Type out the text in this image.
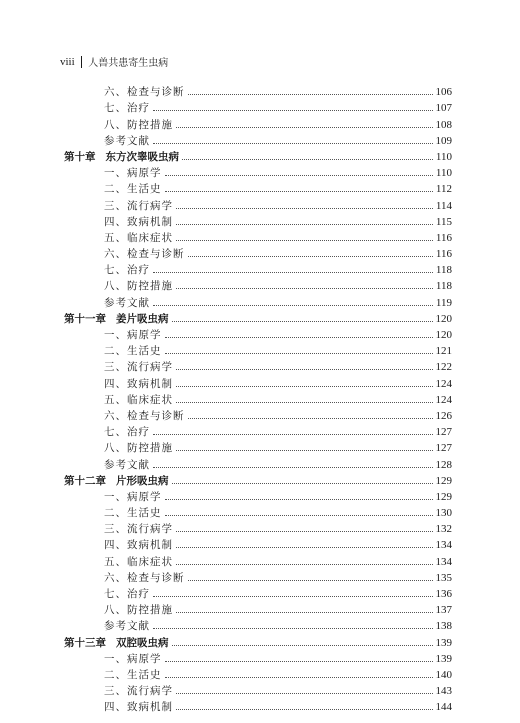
viii 人兽共患寄生虫病
六、检查与诊断	106
七、治疗	107
八、防控措施	108
参考文献	109
第十章 东方次睾吸虫病	110
一、病原学	110
二、生活史	112
三、流行病学	114
四、致病机制	115
五、临床症状	116
六、检查与诊断	116
七、治疗	118
八、防控措施	118
参考文献	119
第十一章 姜片吸虫病	120
一、病原学	120
二、生活史	121
三、流行病学	122
四、致病机制	124
五、临床症状	124
六、检查与诊断	126
七、治疗	127
八、防控措施	127
参考文献	128
第十二章 片形吸虫病	129
一、病原学	129
二、生活史	130
三、流行病学	132
四、致病机制	134
五、临床症状	134
六、检查与诊断	135
七、治疗	136
八、防控措施	137
参考文献	138
第十三章 双腔吸虫病	139
一、病原学	139
二、生活史	140
三、流行病学	143
四、致病机制	144
